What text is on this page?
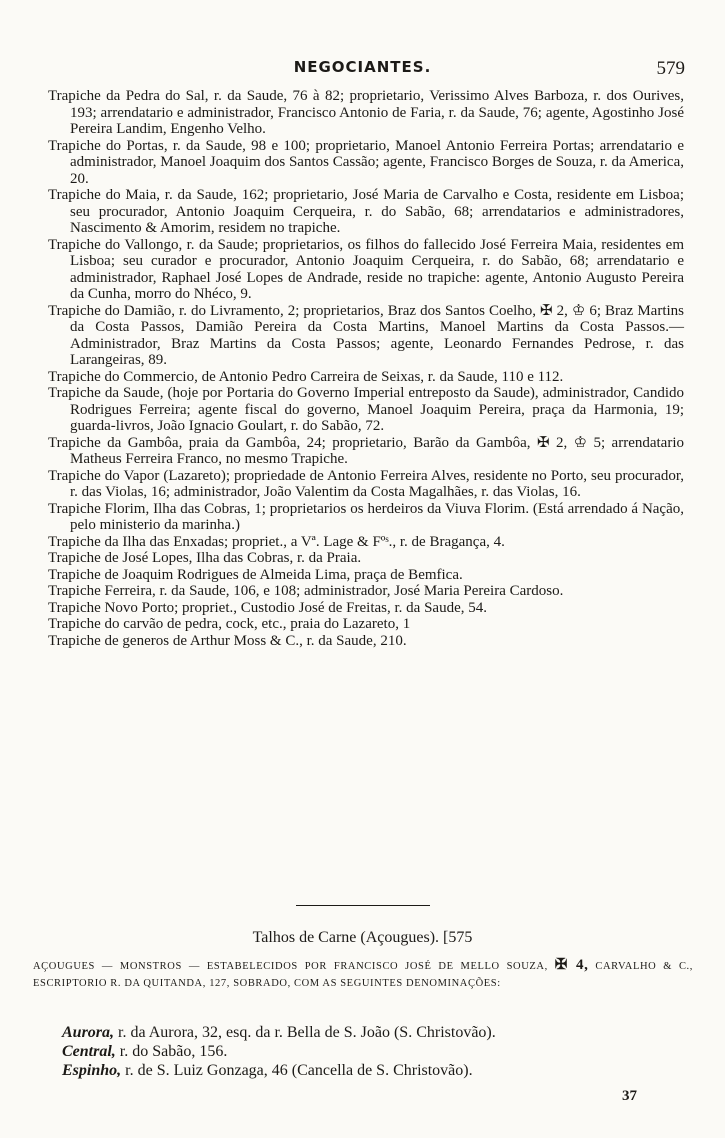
NEGOCIANTES.	579

Trapiche da Pedra do Sal, r. da Saude, 76 à 82; proprietario, Verissimo Alves Barboza, r. dos Ourives, 193; arrendatario e administrador, Francisco Antonio de Faria, r. da Saude, 76; agente, Agostinho José Pereira Landim, Engenho Velho.

Trapiche do Portas, r. da Saude, 98 e 100; proprietario, Manoel Antonio Ferreira Portas; arrendatario e administrador, Manoel Joaquim dos Santos Cassão; agente, Francisco Borges de Souza, r. da America, 20.

Trapiche do Maia, r. da Saude, 162; proprietario, José Maria de Carvalho e Costa, residente em Lisboa; seu procurador, Antonio Joaquim Cerqueira, r. do Sabão, 68; arrendatarios e administradores, Nascimento & Amorim, residem no trapiche.

Trapiche do Vallongo, r. da Saude; proprietarios, os filhos do fallecido José Ferreira Maia, residentes em Lisboa; seu curador e procurador, Antonio Joaquim Cerqueira, r. do Sabão, 68; arrendatario e administrador, Raphael José Lopes de Andrade, reside no trapiche: agente, Antonio Augusto Pereira da Cunha, morro do Nhéco, 9.

Trapiche do Damião, r. do Livramento, 2; proprietarios, Braz dos Santos Coelho, ✠ 2, ♔ 6; Braz Martins da Costa Passos, Damião Pereira da Costa Martins, Manoel Martins da Costa Passos.— Administrador, Braz Martins da Costa Passos; agente, Leonardo Fernandes Pedrose, r. das Larangeiras, 89.

Trapiche do Commercio, de Antonio Pedro Carreira de Seixas, r. da Saude, 110 e 112.

Trapiche da Saude, (hoje por Portaria do Governo Imperial entreposto da Saude), administrador, Candido Rodrigues Ferreira; agente fiscal do governo, Manoel Joaquim Pereira, praça da Harmonia, 19; guarda-livros, João Ignacio Goulart, r. do Sabão, 72.

Trapiche da Gambôa, praia da Gambôa, 24; proprietario, Barão da Gambôa, ✠ 2, ♔ 5; arrendatario Matheus Ferreira Franco, no mesmo Trapiche.

Trapiche do Vapor (Lazareto); propriedade de Antonio Ferreira Alves, residente no Porto, seu procurador, r. das Violas, 16; administrador, João Valentim da Costa Magalhães, r. das Violas, 16.

Trapiche Florim, Ilha das Cobras, 1; proprietarios os herdeiros da Viuva Florim. (Está arrendado á Nação, pelo ministerio da marinha.)

Trapiche da Ilha das Enxadas; propriet., a Vª. Lage & Fºˢ., r. de Bragança, 4.

Trapiche de José Lopes, Ilha das Cobras, r. da Praia.

Trapiche de Joaquim Rodrigues de Almeida Lima, praça de Bemfica.

Trapiche Ferreira, r. da Saude, 106, e 108; administrador, José Maria Pereira Cardoso.

Trapiche Novo Porto; propriet., Custodio José de Freitas, r. da Saude, 54.

Trapiche do carvão de pedra, cock, etc., praia do Lazareto, 1

Trapiche de generos de Arthur Moss & C., r. da Saude, 210.

Talhos de Carne (Açougues). [575
AÇOUGUES — MONSTROS — ESTABELECIDOS POR FRANCISCO JOSÉ DE MELLO SOUZA, ✠ 4, CARVALHO & C., ESCRIPTORIO R. DA QUITANDA, 127, SOBRADO, COM AS SEGUINTES DENOMINAÇÕES:

Aurora, r. da Aurora, 32, esq. da r. Bella de S. João (S. Christovão).

Central, r. do Sabão, 156.

Espinho, r. de S. Luiz Gonzaga, 46 (Cancella de S. Christovão).

37
